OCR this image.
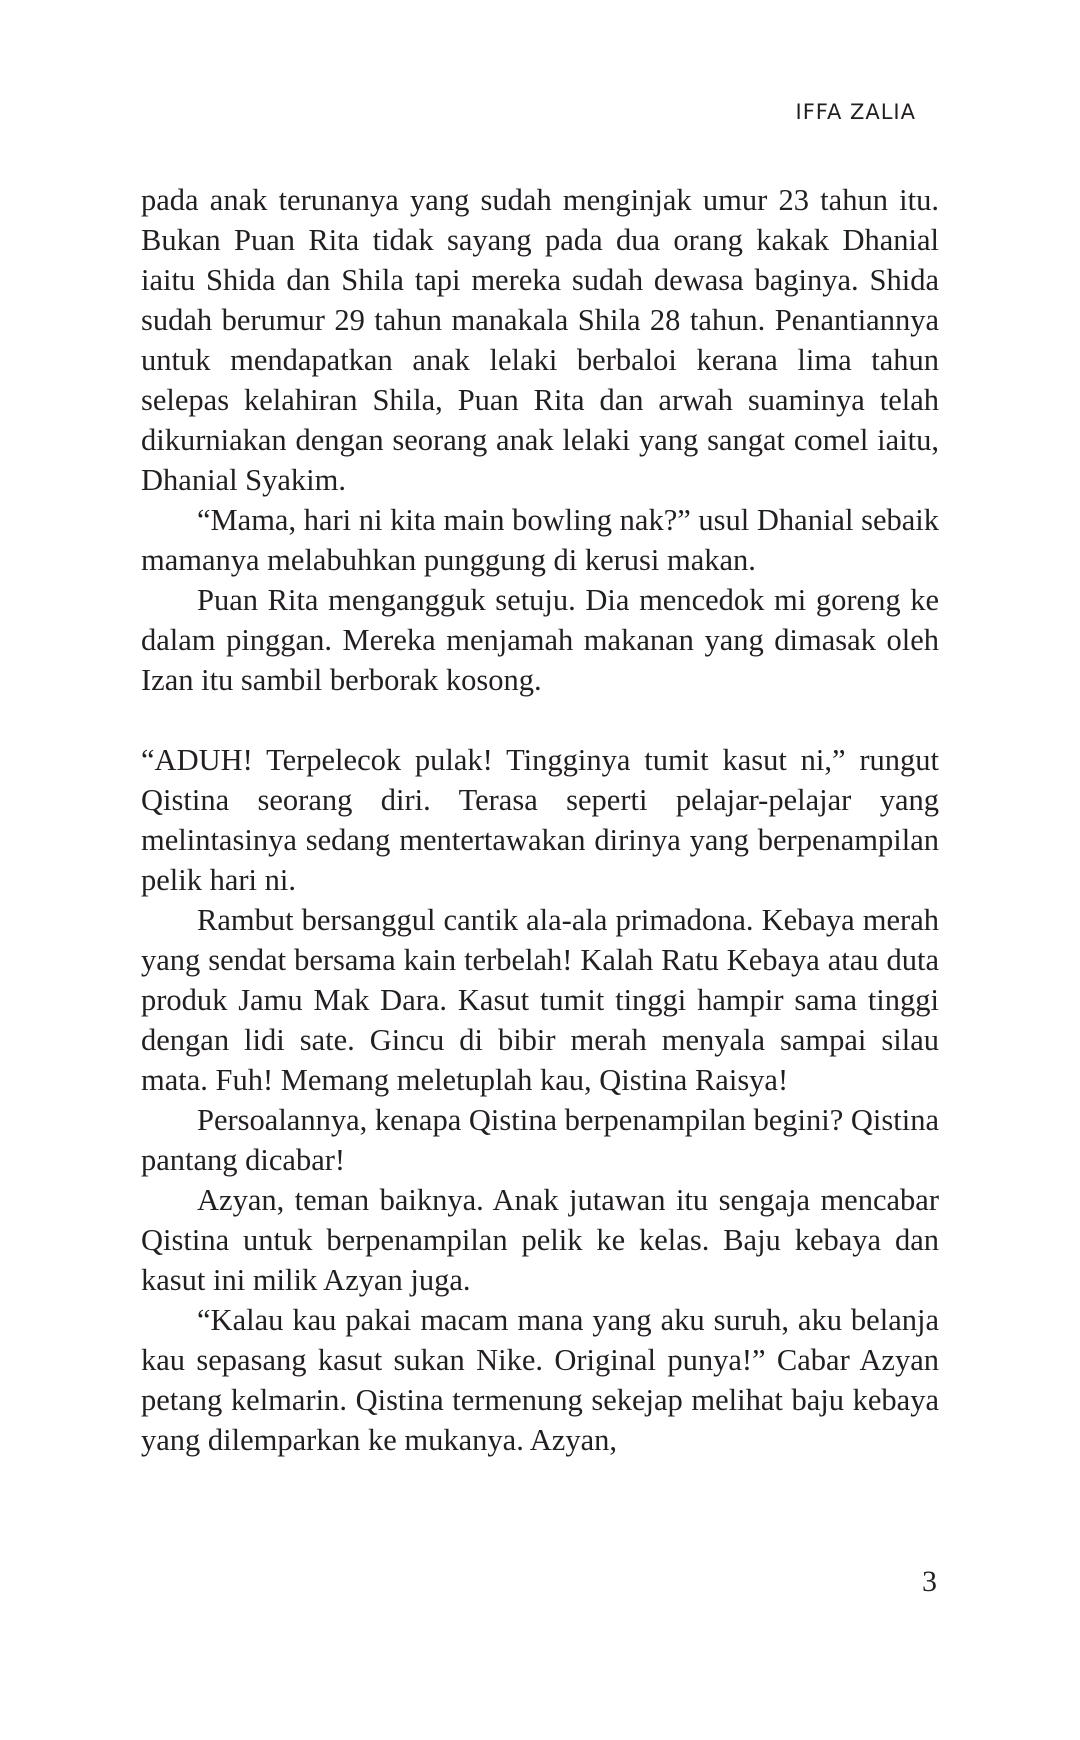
IFFA ZALIA

pada anak terunanya yang sudah menginjak umur 23 tahun itu. Bukan Puan Rita tidak sayang pada dua orang kakak Dhanial iaitu Shida dan Shila tapi mereka sudah dewasa baginya. Shida sudah berumur 29 tahun manakala Shila 28 tahun. Penantiannya untuk mendapatkan anak lelaki berbaloi kerana lima tahun selepas kelahiran Shila, Puan Rita dan arwah suaminya telah dikurniakan dengan seorang anak lelaki yang sangat comel iaitu, Dhanial Syakim.

“Mama, hari ni kita main bowling nak?” usul Dhanial sebaik mamanya melabuhkan punggung di kerusi makan.

Puan Rita mengangguk setuju. Dia mencedok mi goreng ke dalam pinggan. Mereka menjamah makanan yang dimasak oleh Izan itu sambil berborak kosong.

“ADUH! Terpelecok pulak! Tingginya tumit kasut ni,” rungut Qistina seorang diri. Terasa seperti pelajar-pelajar yang melintasinya sedang mentertawakan dirinya yang berpenampilan pelik hari ni.

Rambut bersanggul cantik ala-ala primadona. Kebaya merah yang sendat bersama kain terbelah! Kalah Ratu Kebaya atau duta produk Jamu Mak Dara. Kasut tumit tinggi hampir sama tinggi dengan lidi sate. Gincu di bibir merah menyala sampai silau mata. Fuh! Memang meletuplah kau, Qistina Raisya!

Persoalannya, kenapa Qistina berpenampilan begini? Qistina pantang dicabar!

Azyan, teman baiknya. Anak jutawan itu sengaja mencabar Qistina untuk berpenampilan pelik ke kelas. Baju kebaya dan kasut ini milik Azyan juga.

“Kalau kau pakai macam mana yang aku suruh, aku belanja kau sepasang kasut sukan Nike. Original punya!” Cabar Azyan petang kelmarin. Qistina termenung sekejap melihat baju kebaya yang dilemparkan ke mukanya. Azyan,

3
